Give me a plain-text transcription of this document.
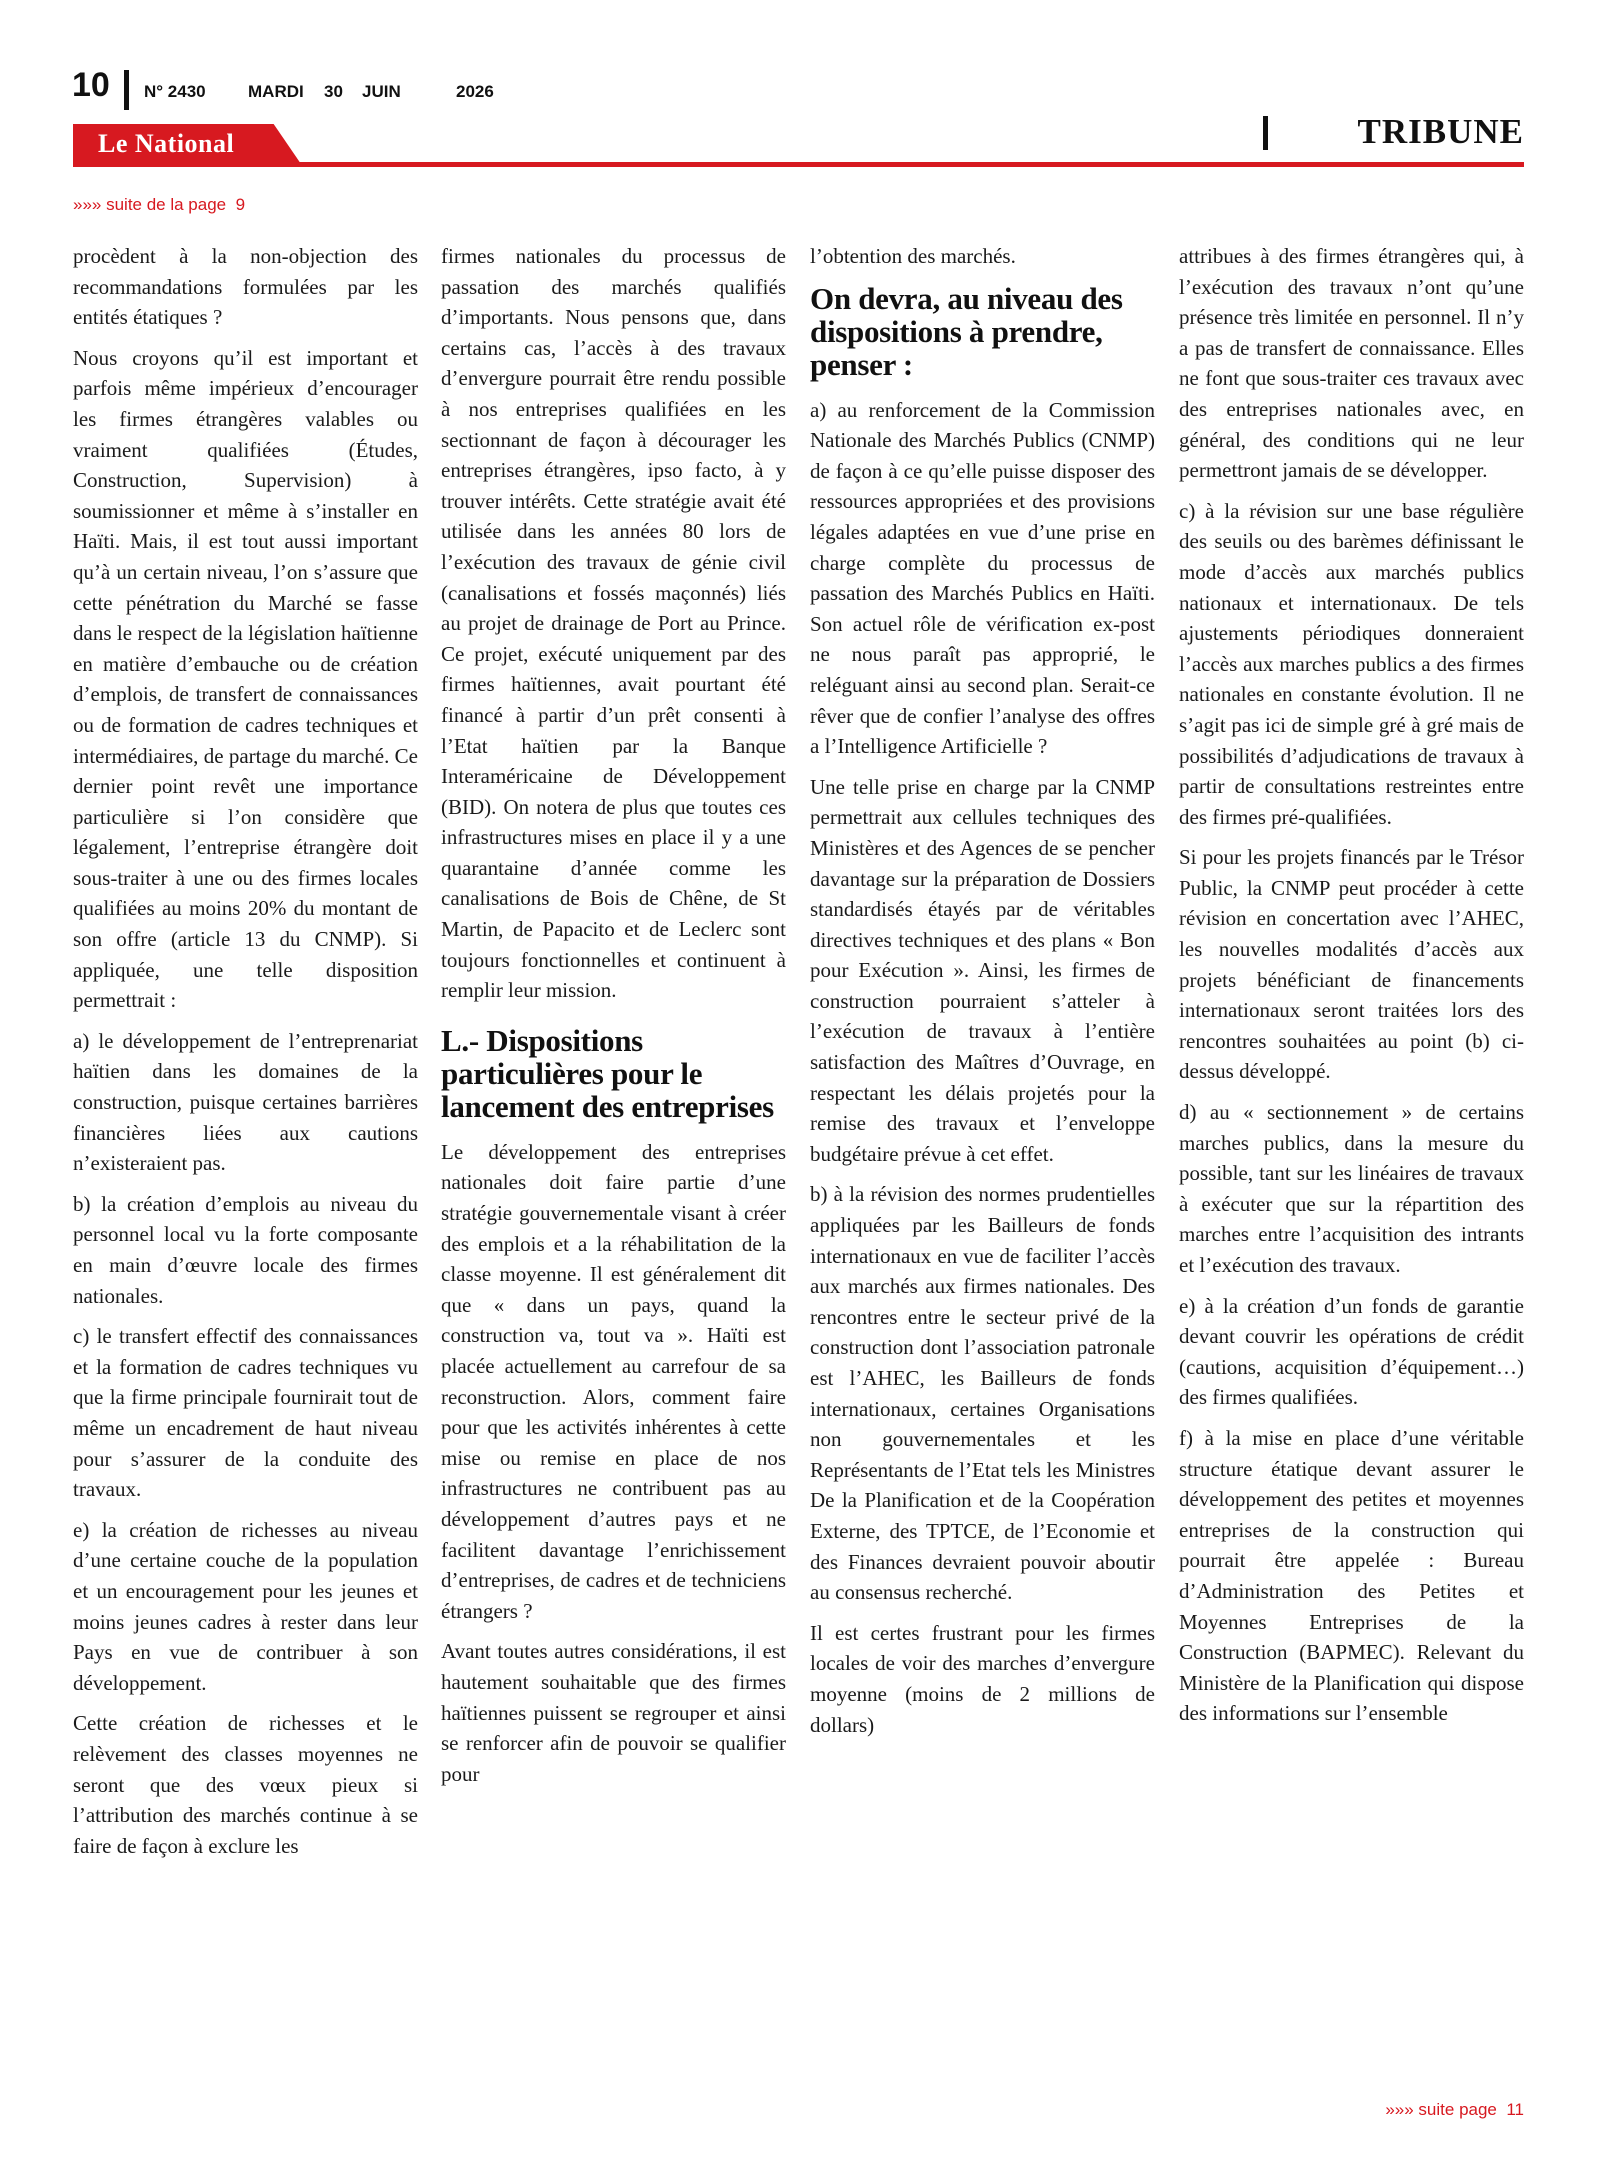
10 N° 2430 MARDI 30 JUIN	2026
Le National	TRIBUNE
»»» suite de la page 9

procèdent à la non-objection des recommandations formulées par les entités étatiques ?

Nous croyons qu’il est important et parfois même impérieux d’encourager les firmes étrangères valables ou vraiment qualifiées (Études, Construction, Supervision) à soumissionner et même à s’installer en Haïti. Mais, il est tout aussi important qu’à un certain niveau, l’on s’assure que cette pénétration du Marché se fasse dans le respect de la législation haïtienne en matière d’embauche ou de création d’emplois, de transfert de connaissances ou de formation de cadres techniques et intermédiaires, de partage du marché. Ce dernier point revêt une importance particulière si l’on considère que légalement, l’entreprise étrangère doit sous-traiter à une ou des firmes locales qualifiées au moins 20% du montant de son offre (article 13 du CNMP). Si appliquée, une telle disposition permettrait :

a) le développement de l’entreprenariat haïtien dans les domaines de la construction, puisque certaines barrières financières liées aux cautions n’existeraient pas.

b) la création d’emplois au niveau du personnel local vu la forte composante en main d’œuvre locale des firmes nationales.

c) le transfert effectif des connaissances et la formation de cadres techniques vu que la firme principale fournirait tout de même un encadrement de haut niveau pour s’assurer de la conduite des travaux.

e) la création de richesses au niveau d’une certaine couche de la population et un encouragement pour les jeunes et moins jeunes cadres à rester dans leur Pays en vue de contribuer à son développement.

Cette création de richesses et le relèvement des classes moyennes ne seront que des vœux pieux si l’attribution des marchés continue à se faire de façon à exclure les

firmes nationales du processus de passation des marchés qualifiés d’importants. Nous pensons que, dans certains cas, l’accès à des travaux d’envergure pourrait être rendu possible à nos entreprises qualifiées en les sectionnant de façon à décourager les entreprises étrangères, ipso facto, à y trouver intérêts. Cette stratégie avait été utilisée dans les années 80 lors de l’exécution des travaux de génie civil (canalisations et fossés maçonnés) liés au projet de drainage de Port au Prince. Ce projet, exécuté uniquement par des firmes haïtiennes, avait pourtant été financé à partir d’un prêt consenti à l’Etat haïtien par la Banque Interaméricaine de Développement (BID). On notera de plus que toutes ces infrastructures mises en place il y a une quarantaine d’année comme les canalisations de Bois de Chêne, de St Martin, de Papacito et de Leclerc sont toujours fonctionnelles et continuent à remplir leur mission.

L.- Dispositions particulières pour le lancement des entreprises

Le développement des entreprises nationales doit faire partie d’une stratégie gouvernementale visant à créer des emplois et a la réhabilitation de la classe moyenne. Il est généralement dit que « dans un pays, quand la construction va, tout va ». Haïti est placée actuellement au carrefour de sa reconstruction. Alors, comment faire pour que les activités inhérentes à cette mise ou remise en place de nos infrastructures ne contribuent pas au développement d’autres pays et ne facilitent davantage l’enrichissement d’entreprises, de cadres et de techniciens étrangers ?

Avant toutes autres considérations, il est hautement souhaitable que des firmes haïtiennes puissent se regrouper et ainsi se renforcer afin de pouvoir se qualifier pour

l’obtention des marchés.

On devra, au niveau des dispositions à prendre, penser :

a) au renforcement de la Commission Nationale des Marchés Publics (CNMP) de façon à ce qu’elle puisse disposer des ressources appropriées et des provisions légales adaptées en vue d’une prise en charge complète du processus de passation des Marchés Publics en Haïti. Son actuel rôle de vérification ex-post ne nous paraît pas approprié, le reléguant ainsi au second plan. Serait-ce rêver que de confier l’analyse des offres a l’Intelligence Artificielle ?

Une telle prise en charge par la CNMP permettrait aux cellules techniques des Ministères et des Agences de se pencher davantage sur la préparation de Dossiers standardisés étayés par de véritables directives techniques et des plans « Bon pour Exécution ». Ainsi, les firmes de construction pourraient s’atteler à l’exécution de travaux à l’entière satisfaction des Maîtres d’Ouvrage, en respectant les délais projetés pour la remise des travaux et l’enveloppe budgétaire prévue à cet effet.

b) à la révision des normes prudentielles appliquées par les Bailleurs de fonds internationaux en vue de faciliter l’accès aux marchés aux firmes nationales. Des rencontres entre le secteur privé de la construction dont l’association patronale est l’AHEC, les Bailleurs de fonds internationaux, certaines Organisations non gouvernementales et les Représentants de l’Etat tels les Ministres De la Planification et de la Coopération Externe, des TPTCE, de l’Economie et des Finances devraient pouvoir aboutir au consensus recherché.

Il est certes frustrant pour les firmes locales de voir des marches d’envergure moyenne (moins de 2 millions de dollars)

attribues à des firmes étrangères qui, à l’exécution des travaux n’ont qu’une présence très limitée en personnel. Il n’y a pas de transfert de connaissance. Elles ne font que sous-traiter ces travaux avec des entreprises nationales avec, en général, des conditions qui ne leur permettront jamais de se développer.

c) à la révision sur une base régulière des seuils ou des barèmes définissant le mode d’accès aux marchés publics nationaux et internationaux. De tels ajustements périodiques donneraient l’accès aux marches publics a des firmes nationales en constante évolution. Il ne s’agit pas ici de simple gré à gré mais de possibilités d’adjudications de travaux à partir de consultations restreintes entre des firmes pré-qualifiées.

Si pour les projets financés par le Trésor Public, la CNMP peut procéder à cette révision en concertation avec l’AHEC, les nouvelles modalités d’accès aux projets bénéficiant de financements internationaux seront traitées lors des rencontres souhaitées au point (b) ci-dessus développé.

d) au « sectionnement » de certains marches publics, dans la mesure du possible, tant sur les linéaires de travaux à exécuter que sur la répartition des marches entre l’acquisition des intrants et l’exécution des travaux.

e) à la création d’un fonds de garantie devant couvrir les opérations de crédit (cautions, acquisition d’équipement…) des firmes qualifiées.

f) à la mise en place d’une véritable structure étatique devant assurer le développement des petites et moyennes entreprises de la construction qui pourrait être appelée : Bureau d’Administration des Petites et Moyennes Entreprises de la Construction (BAPMEC). Relevant du Ministère de la Planification qui dispose des informations sur l’ensemble

»»» suite page 11
